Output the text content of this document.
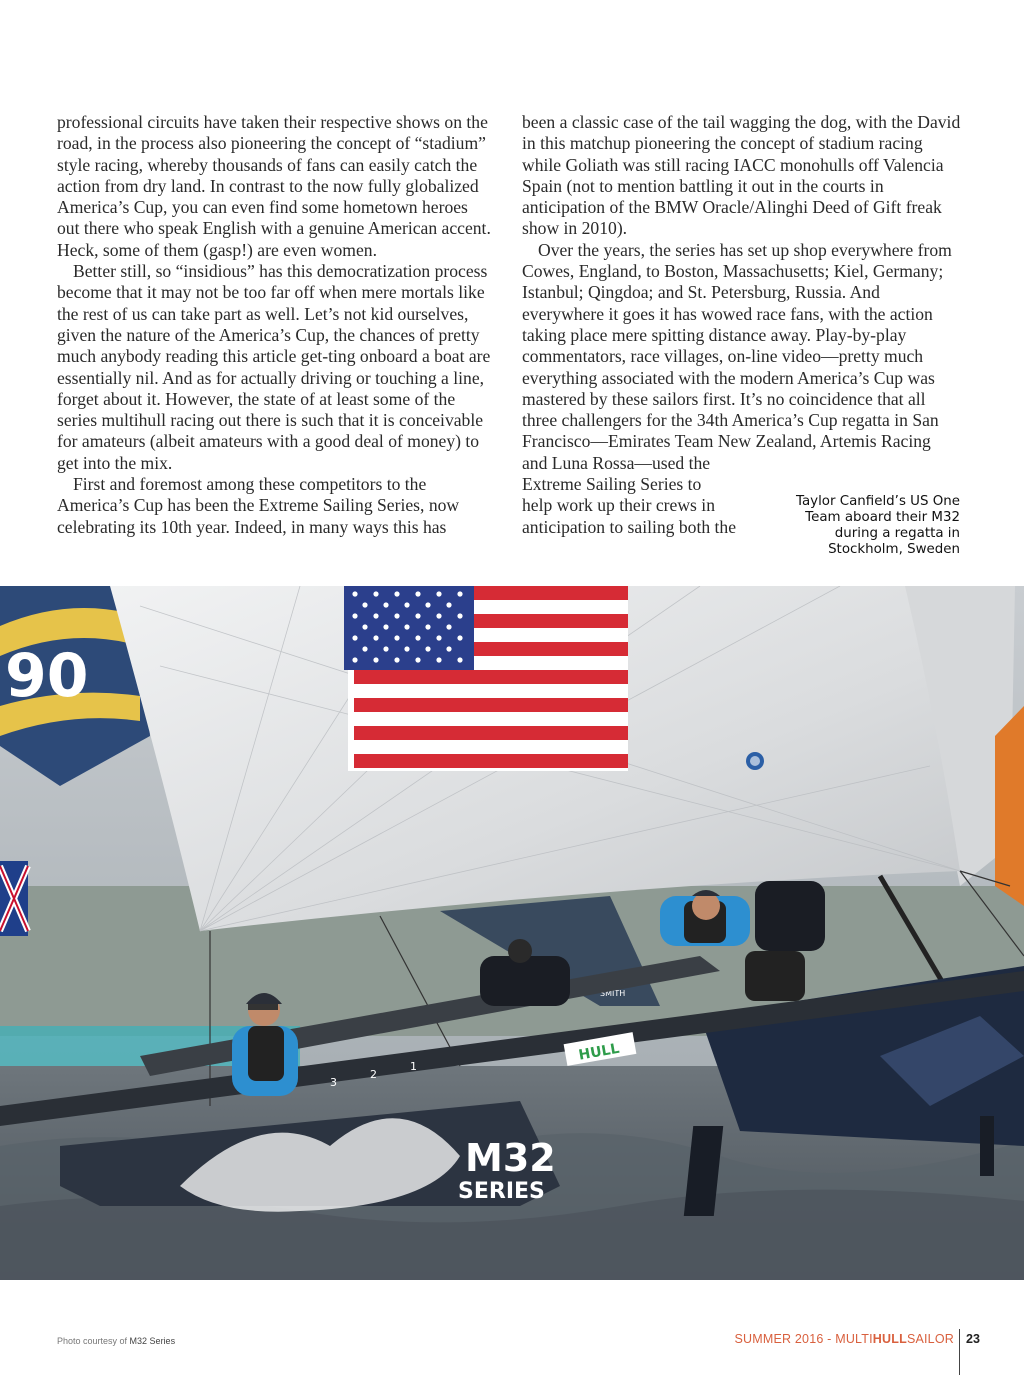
professional circuits have taken their respective shows on the road, in the process also pioneering the concept of “stadium” style racing, whereby thousands of fans can easily catch the action from dry land. In contrast to the now fully globalized America’s Cup, you can even find some hometown heroes out there who speak English with a genuine American accent. Heck, some of them (gasp!) are even women.

Better still, so “insidious” has this democratization process become that it may not be too far off when mere mortals like the rest of us can take part as well. Let’s not kid ourselves, given the nature of the America’s Cup, the chances of pretty much anybody reading this article get-ting onboard a boat are essentially nil. And as for actually driving or touching a line, forget about it. However, the state of at least some of the series multihull racing out there is such that it is conceivable for amateurs (albeit amateurs with a good deal of money) to get into the mix.

First and foremost among these competitors to the America’s Cup has been the Extreme Sailing Series, now celebrating its 10th year. Indeed, in many ways this has

been a classic case of the tail wagging the dog, with the David in this matchup pioneering the concept of stadium racing while Goliath was still racing IACC monohulls off Valencia Spain (not to mention battling it out in the courts in anticipation of the BMW Oracle/Alinghi Deed of Gift freak show in 2010).

Over the years, the series has set up shop everywhere from Cowes, England, to Boston, Massachusetts; Kiel, Germany; Istanbul; Qingdoa; and St. Petersburg, Russia. And everywhere it goes it has wowed race fans, with the action taking place mere spitting distance away. Play-by-play commentators, race villages, on-line video—pretty much everything associated with the modern America’s Cup was mastered by these sailors first. It’s no coincidence that all three challengers for the 34th America’s Cup regatta in San Francisco—Emirates Team New Zealand, Artemis Racing

and Luna Rossa—used the

Extreme Sailing Series to

help work up their crews in

anticipation to sailing both the

Taylor Canfield’s US One Team aboard their M32 during a regatta in Stockholm, Sweden
90
SMITH
3
2
1
HULL
M32
SERIES
Photo courtesy of M32 Series	SUMMER 2016 - MULTIHULLSAILOR 23
